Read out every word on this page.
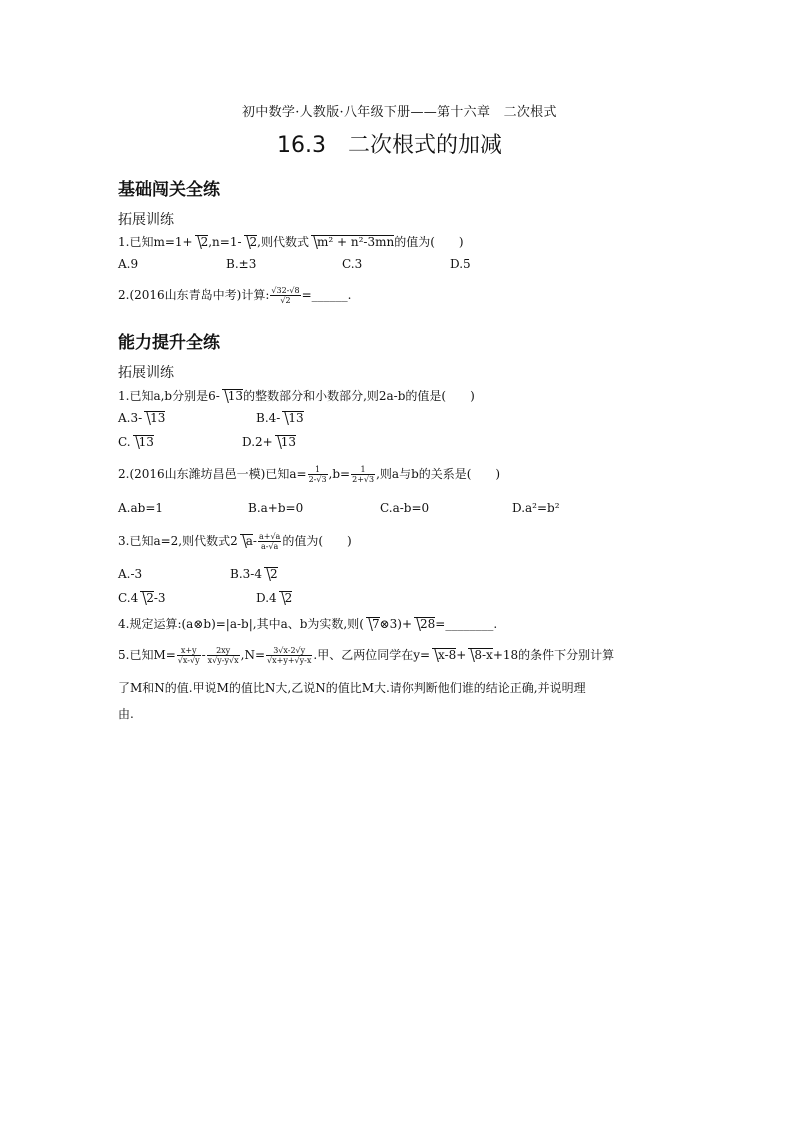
初中数学·人教版·八年级下册——第十六章　二次根式
16.3 二次根式的加减
基础闯关全练
拓展训练
1.已知m=1+ 2,n=1- 2,则代数式 m² + n²-3mn的值为(　　)
A.9	B.±3	C.3	D.5
2.(2016山东青岛中考)计算: $\frac{√32-√8}{√2}$ =______.
能力提升全练
拓展训练
1.已知a,b分别是6- 13的整数部分和小数部分,则2a-b的值是(　　)
A.3- 13	B.4- 13
C. 13	D.2+ 13
2.(2016山东潍坊昌邑一模)已知$a= \frac{1}{2-√3} ,b= \frac{1}{2+√3}$ ,则a与b的关系是(　　)
A.ab=1	B.a+b=0	C.a-b=0	D.a²=b²
3.已知a=2,则代数式2 $a- \frac{a+√a}{a-√a}$ 的值为(　　)
A.-3	B.3-4 2
C.4 2-3	D.4 2
4.规定运算:(a⊗b)=|a-b|,其中a、b为实数,则( 7⊗3)+ 28=________.
5.已知$M= \frac{x+y}{√x-√y} - \frac{2xy}{x√y-y√x} ,N= \frac{3√x-2√y}{√x+y+√y-x}$ .甲、乙两位同学在y= x-8+ 8-x+18的条件下分别计算
了M和N的值.甲说M的值比N大,乙说N的值比M大.请你判断他们谁的结论正确,并说明理
由.
